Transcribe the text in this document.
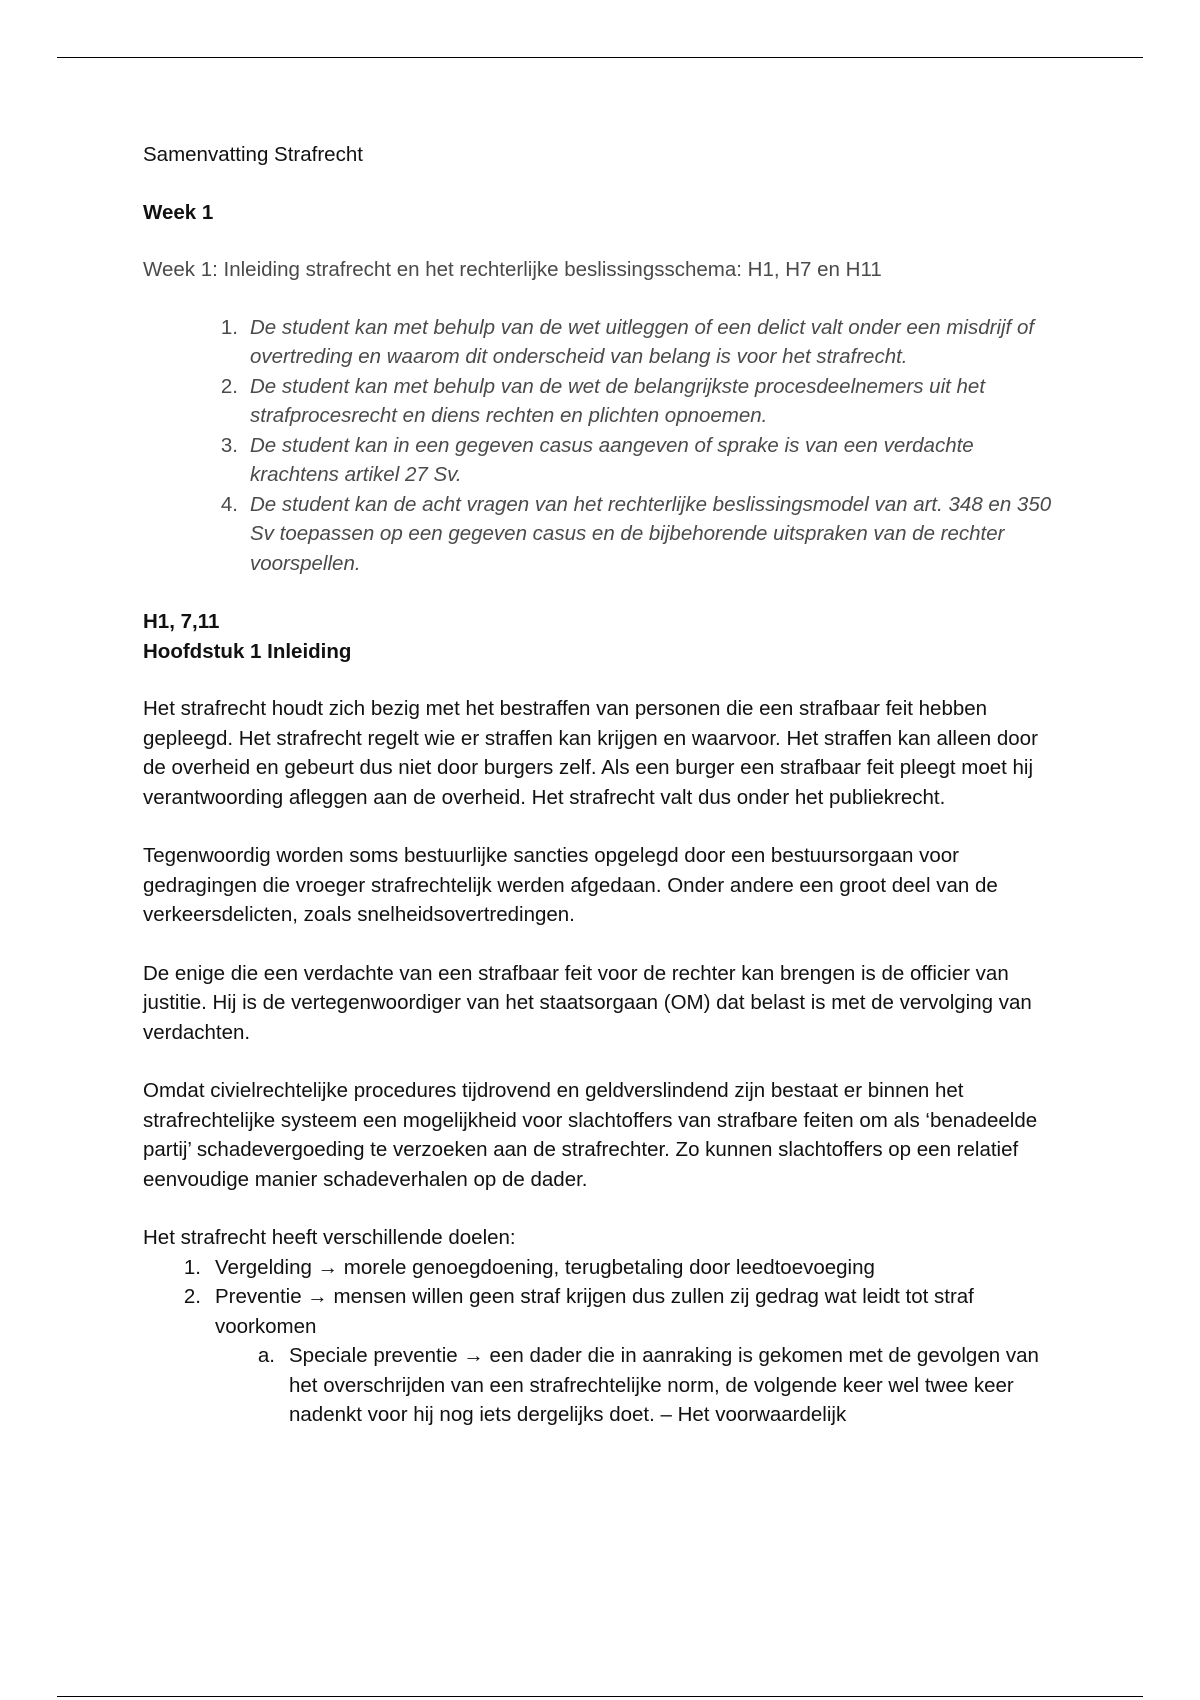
Samenvatting Strafrecht

Week 1

Week 1: Inleiding strafrecht en het rechterlijke beslissingsschema: H1, H7 en H11

1. De student kan met behulp van de wet uitleggen of een delict valt onder een misdrijf of overtreding en waarom dit onderscheid van belang is voor het strafrecht.
2. De student kan met behulp van de wet de belangrijkste procesdeelnemers uit het strafprocesrecht en diens rechten en plichten opnoemen.
3. De student kan in een gegeven casus aangeven of sprake is van een verdachte krachtens artikel 27 Sv.
4. De student kan de acht vragen van het rechterlijke beslissingsmodel van art. 348 en 350 Sv toepassen op een gegeven casus en de bijbehorende uitspraken van de rechter voorspellen.

H1, 7,11

Hoofdstuk 1 Inleiding

Het strafrecht houdt zich bezig met het bestraffen van personen die een strafbaar feit hebben gepleegd. Het strafrecht regelt wie er straffen kan krijgen en waarvoor. Het straffen kan alleen door de overheid en gebeurt dus niet door burgers zelf. Als een burger een strafbaar feit pleegt moet hij verantwoording afleggen aan de overheid. Het strafrecht valt dus onder het publiekrecht.

Tegenwoordig worden soms bestuurlijke sancties opgelegd door een bestuursorgaan voor gedragingen die vroeger strafrechtelijk werden afgedaan. Onder andere een groot deel van de verkeersdelicten, zoals snelheidsovertredingen.

De enige die een verdachte van een strafbaar feit voor de rechter kan brengen is de officier van justitie. Hij is de vertegenwoordiger van het staatsorgaan (OM) dat belast is met de vervolging van verdachten.

Omdat civielrechtelijke procedures tijdrovend en geldverslindend zijn bestaat er binnen het strafrechtelijke systeem een mogelijkheid voor slachtoffers van strafbare feiten om als ‘benadeelde partij’ schadevergoeding te verzoeken aan de strafrechter. Zo kunnen slachtoffers op een relatief eenvoudige manier schadeverhalen op de dader.

Het strafrecht heeft verschillende doelen:

1. Vergelding → morele genoegdoening, terugbetaling door leedtoevoeging
2. Preventie → mensen willen geen straf krijgen dus zullen zij gedrag wat leidt tot straf voorkomen
a. Speciale preventie → een dader die in aanraking is gekomen met de gevolgen van het overschrijden van een strafrechtelijke norm, de volgende keer wel twee keer nadenkt voor hij nog iets dergelijks doet. – Het voorwaardelijk
